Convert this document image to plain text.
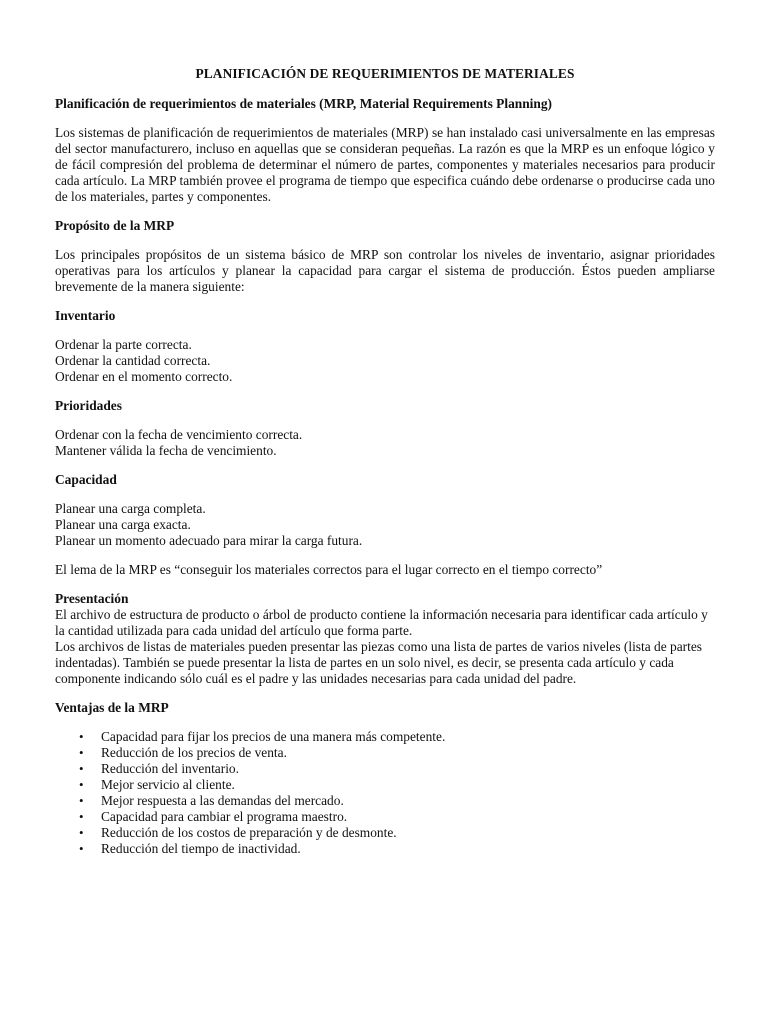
PLANIFICACIÓN DE REQUERIMIENTOS DE MATERIALES
Planificación de requerimientos de materiales (MRP, Material Requirements Planning)
Los sistemas de planificación de requerimientos de materiales (MRP) se han instalado casi universalmente en las empresas del sector manufacturero, incluso en aquellas que se consideran pequeñas. La razón es que la MRP es un enfoque lógico y de fácil compresión del problema de determinar el número de partes, componentes y materiales necesarios para producir cada artículo. La MRP también provee el programa de tiempo que especifica cuándo debe ordenarse o producirse cada uno de los materiales, partes y componentes.
Propósito de la MRP
Los principales propósitos de un sistema básico de MRP son controlar los niveles de inventario, asignar prioridades operativas para los artículos y planear la capacidad para cargar el sistema de producción. Éstos pueden ampliarse brevemente de la manera siguiente:
Inventario
Ordenar la parte correcta.
Ordenar la cantidad correcta.
Ordenar en el momento correcto.
Prioridades
Ordenar con la fecha de vencimiento correcta.
Mantener válida la fecha de vencimiento.
Capacidad
Planear una carga completa.
Planear una carga exacta.
Planear un momento adecuado para mirar la carga futura.
El lema de la MRP es “conseguir los materiales correctos para el lugar correcto en el tiempo correcto”
Presentación
El archivo de estructura de producto o árbol de producto contiene la información necesaria para identificar cada artículo y la cantidad utilizada para cada unidad del artículo que forma parte.
Los archivos de listas de materiales pueden presentar las piezas como una lista de partes de varios niveles (lista de partes indentadas). También se puede presentar la lista de partes en un solo nivel, es decir, se presenta cada artículo y cada componente indicando sólo cuál es el padre y las unidades necesarias para cada unidad del padre.
Ventajas de la MRP
• Capacidad para fijar los precios de una manera más competente.
• Reducción de los precios de venta.
• Reducción del inventario.
• Mejor servicio al cliente.
• Mejor respuesta a las demandas del mercado.
• Capacidad para cambiar el programa maestro.
• Reducción de los costos de preparación y de desmonte.
• Reducción del tiempo de inactividad.
